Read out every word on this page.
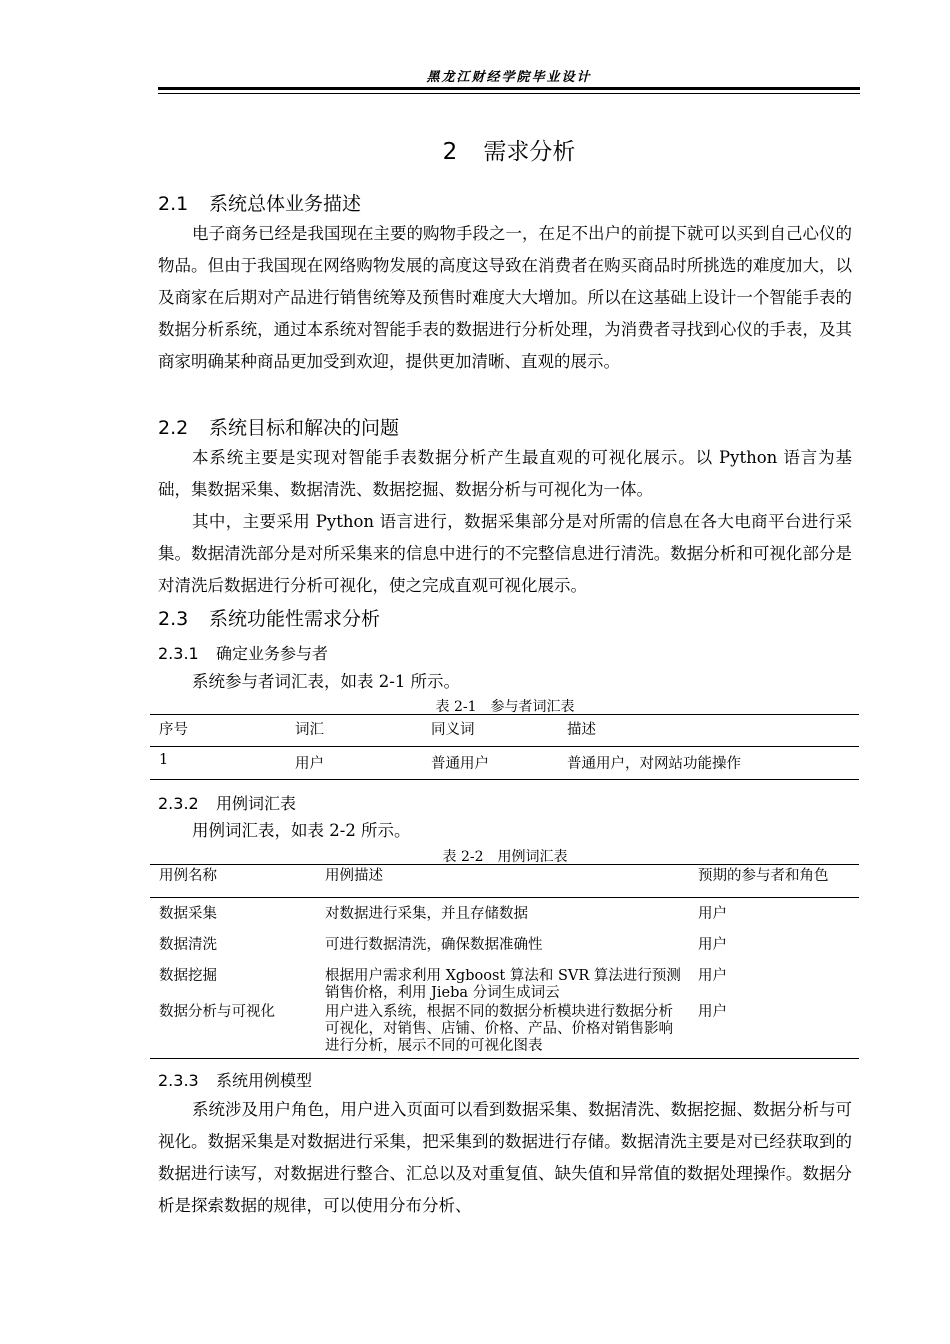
黑龙江财经学院毕业设计
2 需求分析
2.1 系统总体业务描述

电子商务已经是我国现在主要的购物手段之一，在足不出户的前提下就可以买到自己心仪的物品。但由于我国现在网络购物发展的高度这导致在消费者在购买商品时所挑选的难度加大，以及商家在后期对产品进行销售统筹及预售时难度大大增加。所以在这基础上设计一个智能手表的数据分析系统，通过本系统对智能手表的数据进行分析处理，为消费者寻找到心仪的手表，及其商家明确某种商品更加受到欢迎，提供更加清晰、直观的展示。

2.2 系统目标和解决的问题

本系统主要是实现对智能手表数据分析产生最直观的可视化展示。以 Python 语言为基础，集数据采集、数据清洗、数据挖掘、数据分析与可视化为一体。

其中，主要采用 Python 语言进行，数据采集部分是对所需的信息在各大电商平台进行采集。数据清洗部分是对所采集来的信息中进行的不完整信息进行清洗。数据分析和可视化部分是对清洗后数据进行分析可视化，使之完成直观可视化展示。

2.3 系统功能性需求分析
2.3.1 确定业务参与者

系统参与者词汇表，如表 2-1 所示。

表 2-1　参与者词汇表
序号	词汇	同义词	描述
1	用户	普通用户	普通用户，对网站功能操作
2.3.2 用例词汇表

用例词汇表，如表 2-2 所示。

表 2-2　用例词汇表
用例名称	用例描述	预期的参与者和角色
数据采集	对数据进行采集，并且存储数据	用户
数据清洗	可进行数据清洗，确保数据准确性	用户
数据挖掘	根据用户需求利用 Xgboost 算法和 SVR 算法进行预测销售价格，利用 Jieba 分词生成词云	用户
数据分析与可视化	用户进入系统，根据不同的数据分析模块进行数据分析可视化，对销售、店铺、价格、产品、价格对销售影响进行分析，展示不同的可视化图表	用户
2.3.3 系统用例模型

系统涉及用户角色，用户进入页面可以看到数据采集、数据清洗、数据挖掘、数据分析与可视化。数据采集是对数据进行采集，把采集到的数据进行存储。数据清洗主要是对已经获取到的数据进行读写，对数据进行整合、汇总以及对重复值、缺失值和异常值的数据处理操作。数据分析是探索数据的规律，可以使用分布分析、
